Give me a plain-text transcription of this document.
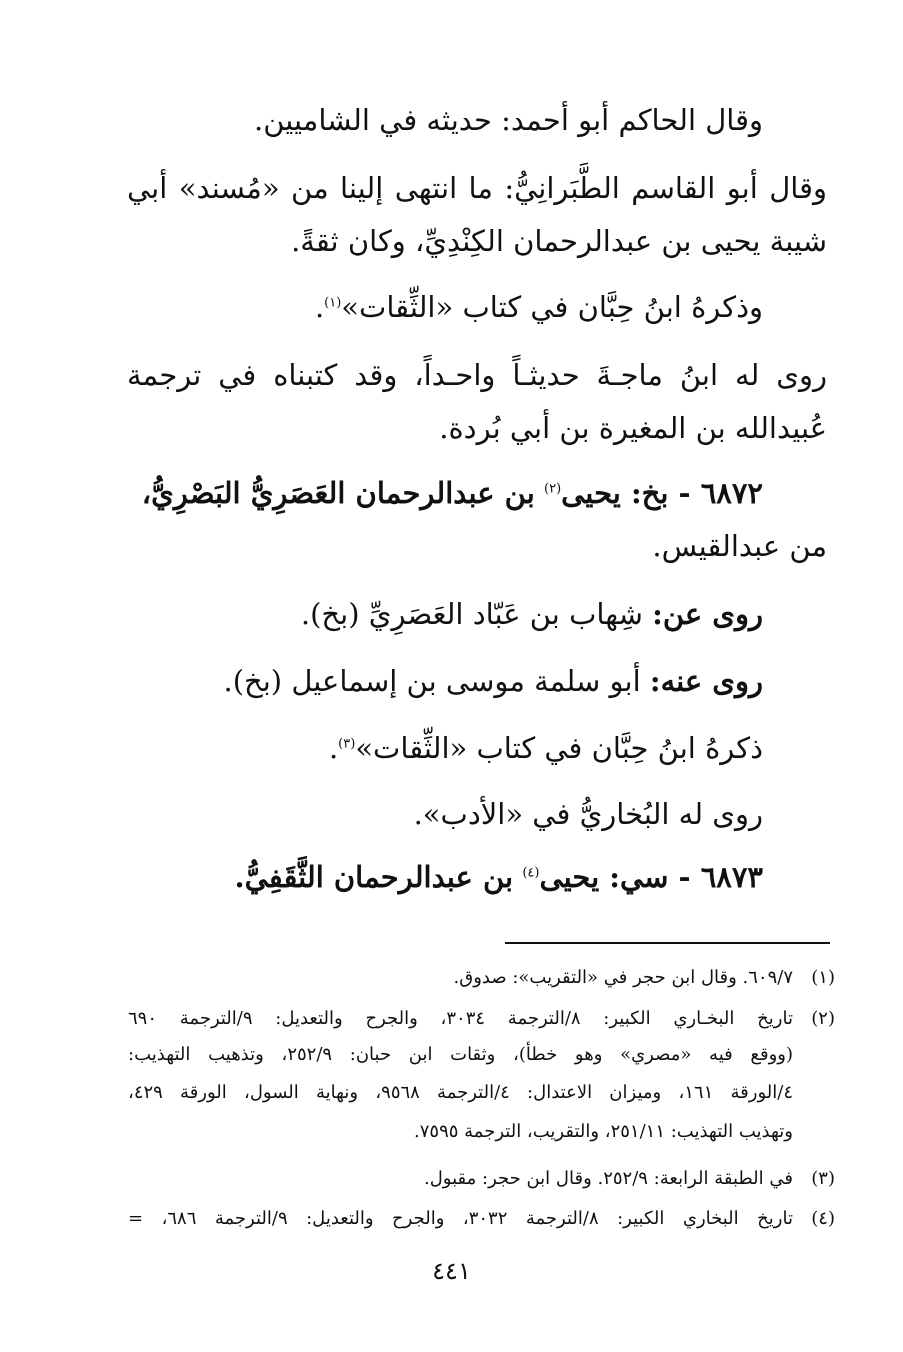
وقال الحاكم أبو أحمد: حديثه في الشاميين.
وقال أبو القاسم الطَّبَرانِيُّ: ما انتهى إلينا من «مُسند» أبي
شيبة يحيى بن عبدالرحمان الكِنْدِيِّ، وكان ثقةً.
وذكرهُ ابنُ حِبَّان في كتاب «الثِّقات»$^{(١)}$.
روى له ابنُ ماجـةَ حديثـاً واحـداً، وقد كتبناه في ترجمة
عُبيدالله بن المغيرة بن أبي بُردة.
٦٨٧٢ - بخ: يحيى$^{(٢)}$ بن عبدالرحمان العَصَرِيُّ البَصْرِيُّ،
من عبدالقيس.
روى عن: شِهاب بن عَبّاد العَصَرِيِّ (بخ).
روى عنه: أبو سلمة موسى بن إسماعيل (بخ).
ذكرهُ ابنُ حِبَّان في كتاب «الثِّقات»$^{(٣)}$.
روى له البُخاريُّ في «الأدب».
٦٨٧٣ - سي: يحيى$^{(٤)}$ بن عبدالرحمان الثَّقَفِيُّ.
(١)
٦٠٩/٧. وقال ابن حجر في «التقريب»: صدوق.
(٢)
تاريخ البخـاري الكبير: ٨/الترجمة ٣٠٣٤، والجرح والتعديل: ٩/الترجمة ٦٩٠
(ووقع فيه «مصري» وهو خطأ)، وثقات ابن حبان: ٢٥٢/٩، وتذهيب التهذيب:
٤/الورقة ١٦١، وميزان الاعتدال: ٤/الترجمة ٩٥٦٨، ونهاية السول، الورقة ٤٢٩،
وتهذيب التهذيب: ٢٥١/١١، والتقريب، الترجمة ٧٥٩٥.
(٣)
في الطبقة الرابعة: ٢٥٢/٩. وقال ابن حجر: مقبول.
(٤)
تاريخ البخاري الكبير: ٨/الترجمة ٣٠٣٢، والجرح والتعديل: ٩/الترجمة ٦٨٦، =
٤٤١
